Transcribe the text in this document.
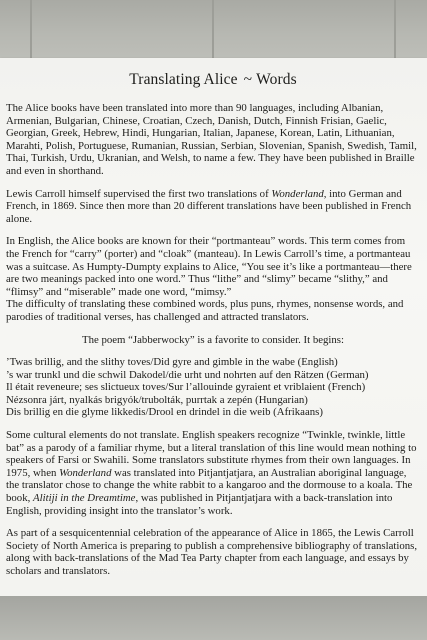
Translating Alice ~ Words

The Alice books have been translated into more than 90 languages, including Albanian, Armenian, Bulgarian, Chinese, Croatian, Czech, Danish, Dutch, Finnish Frisian, Gaelic, Georgian, Greek, Hebrew, Hindi, Hungarian, Italian, Japanese, Korean, Latin, Lithuanian, Marahti, Polish, Portuguese, Rumanian, Russian, Serbian, Slovenian, Spanish, Swedish, Tamil, Thai, Turkish, Urdu, Ukranian, and Welsh, to name a few. They have been published in Braille and even in shorthand.

Lewis Carroll himself supervised the first two translations of Wonderland, into German and French, in 1869. Since then more than 20 different translations have been published in French alone.

In English, the Alice books are known for their “portmanteau” words. This term comes from the French for “carry” (porter) and “cloak” (manteau). In Lewis Carroll’s time, a portmanteau was a suitcase. As Humpty-Dumpty explains to Alice, “You see it’s like a portmanteau—there are two meanings packed into one word.” Thus “lithe” and “slimy” became “slithy,” and “flimsy” and “miserable” made one word, “mimsy.”
The difficulty of translating these combined words, plus puns, rhymes, nonsense words, and parodies of traditional verses, has challenged and attracted translators.

The poem “Jabberwocky” is a favorite to consider. It begins:

’Twas brillig, and the slithy toves/Did gyre and gimble in the wabe (English)
’s war trunkl und die schwil Dakodel/die urht und nohrten auf den Rätzen (German)
Il était reveneure; ses slictueux toves/Sur l’allouinde gyraient et vriblaient (French)
Nézsonra járt, nyalkás brigyók/trubolták, purrtak a zepén (Hungarian)
Dis brillig en die glyme likkedis/Drool en drindel in die weib (Afrikaans)

Some cultural elements do not translate. English speakers recognize “Twinkle, twinkle, little bat” as a parody of a familiar rhyme, but a literal translation of this line would mean nothing to speakers of Farsi or Swahili. Some translators substitute rhymes from their own languages. In 1975, when Wonderland was translated into Pitjantjatjara, an Australian aboriginal language, the translator chose to change the white rabbit to a kangaroo and the dormouse to a koala. The book, Alitiji in the Dreamtime, was published in Pitjantjatjara with a back-translation into English, providing insight into the translator’s work.

As part of a sesquicentennial celebration of the appearance of Alice in 1865, the Lewis Carroll Society of North America is preparing to publish a comprehensive bibliography of translations, along with back-translations of the Mad Tea Party chapter from each language, and essays by scholars and translators.
